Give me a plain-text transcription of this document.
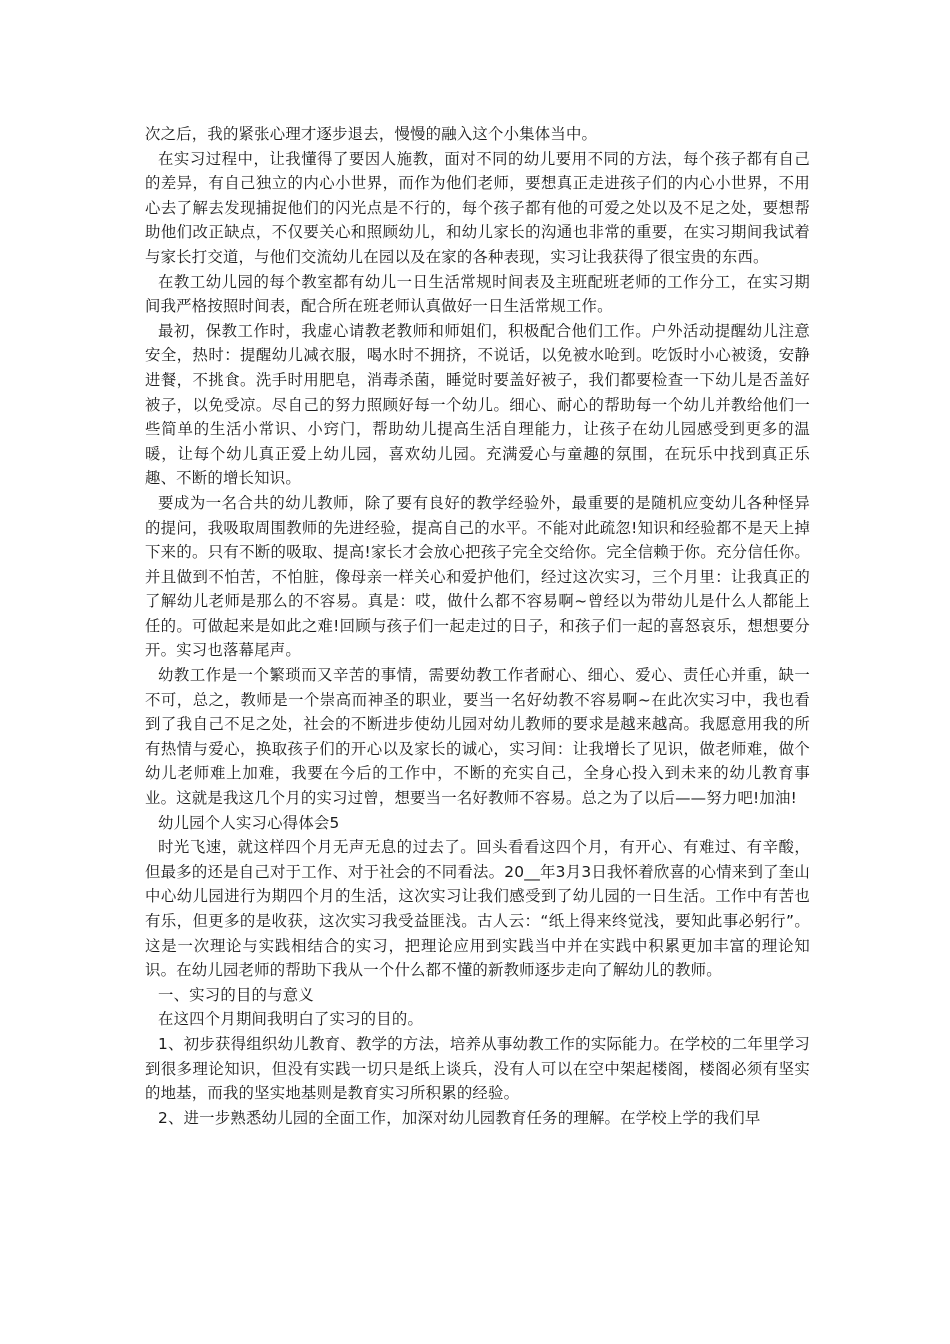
次之后，我的紧张心理才逐步退去，慢慢的融入这个小集体当中。

在实习过程中，让我懂得了要因人施教，面对不同的幼儿要用不同的方法，每个孩子都有自己的差异，有自己独立的内心小世界，而作为他们老师，要想真正走进孩子们的内心小世界，不用心去了解去发现捕捉他们的闪光点是不行的，每个孩子都有他的可爱之处以及不足之处，要想帮助他们改正缺点，不仅要关心和照顾幼儿，和幼儿家长的沟通也非常的重要，在实习期间我试着与家长打交道，与他们交流幼儿在园以及在家的各种表现，实习让我获得了很宝贵的东西。

在教工幼儿园的每个教室都有幼儿一日生活常规时间表及主班配班老师的工作分工，在实习期间我严格按照时间表，配合所在班老师认真做好一日生活常规工作。

最初，保教工作时，我虚心请教老教师和师姐们，积极配合他们工作。户外活动提醒幼儿注意安全，热时：提醒幼儿减衣服，喝水时不拥挤，不说话，以免被水呛到。吃饭时小心被烫，安静进餐，不挑食。洗手时用肥皂，消毒杀菌，睡觉时要盖好被子，我们都要检查一下幼儿是否盖好被子，以免受凉。尽自己的努力照顾好每一个幼儿。细心、耐心的帮助每一个幼儿并教给他们一些简单的生活小常识、小窍门，帮助幼儿提高生活自理能力，让孩子在幼儿园感受到更多的温暖，让每个幼儿真正爱上幼儿园，喜欢幼儿园。充满爱心与童趣的氛围，在玩乐中找到真正乐趣、不断的增长知识。

要成为一名合共的幼儿教师，除了要有良好的教学经验外，最重要的是随机应变幼儿各种怪异的提问，我吸取周围教师的先进经验，提高自己的水平。不能对此疏忽!知识和经验都不是天上掉下来的。只有不断的吸取、提高!家长才会放心把孩子完全交给你。完全信赖于你。充分信任你。并且做到不怕苦，不怕脏，像母亲一样关心和爱护他们，经过这次实习，三个月里：让我真正的了解幼儿老师是那么的不容易。真是：哎，做什么都不容易啊~曾经以为带幼儿是什么人都能上任的。可做起来是如此之难!回顾与孩子们一起走过的日子，和孩子们一起的喜怒哀乐，想想要分开。实习也落幕尾声。

幼教工作是一个繁琐而又辛苦的事情，需要幼教工作者耐心、细心、爱心、责任心并重，缺一不可，总之，教师是一个崇高而神圣的职业，要当一名好幼教不容易啊~在此次实习中，我也看到了我自己不足之处，社会的不断进步使幼儿园对幼儿教师的要求是越来越高。我愿意用我的所有热情与爱心，换取孩子们的开心以及家长的诚心，实习间：让我增长了见识，做老师难，做个幼儿老师难上加难，我要在今后的工作中，不断的充实自己，全身心投入到未来的幼儿教育事业。这就是我这几个月的实习过曾，想要当一名好教师不容易。总之为了以后——努力吧!加油!

幼儿园个人实习心得体会5

时光飞速，就这样四个月无声无息的过去了。回头看看这四个月，有开心、有难过、有辛酸，但最多的还是自己对于工作、对于社会的不同看法。20__年3月3日我怀着欣喜的心情来到了奎山中心幼儿园进行为期四个月的生活，这次实习让我们感受到了幼儿园的一日生活。工作中有苦也有乐，但更多的是收获，这次实习我受益匪浅。古人云：“纸上得来终觉浅，要知此事必躬行”。这是一次理论与实践相结合的实习，把理论应用到实践当中并在实践中积累更加丰富的理论知识。在幼儿园老师的帮助下我从一个什么都不懂的新教师逐步走向了解幼儿的教师。

一、实习的目的与意义

在这四个月期间我明白了实习的目的。

1、初步获得组织幼儿教育、教学的方法，培养从事幼教工作的实际能力。在学校的二年里学习到很多理论知识，但没有实践一切只是纸上谈兵，没有人可以在空中架起楼阁，楼阁必须有坚实的地基，而我的坚实地基则是教育实习所积累的经验。

2、进一步熟悉幼儿园的全面工作，加深对幼儿园教育任务的理解。在学校上学的我们早
